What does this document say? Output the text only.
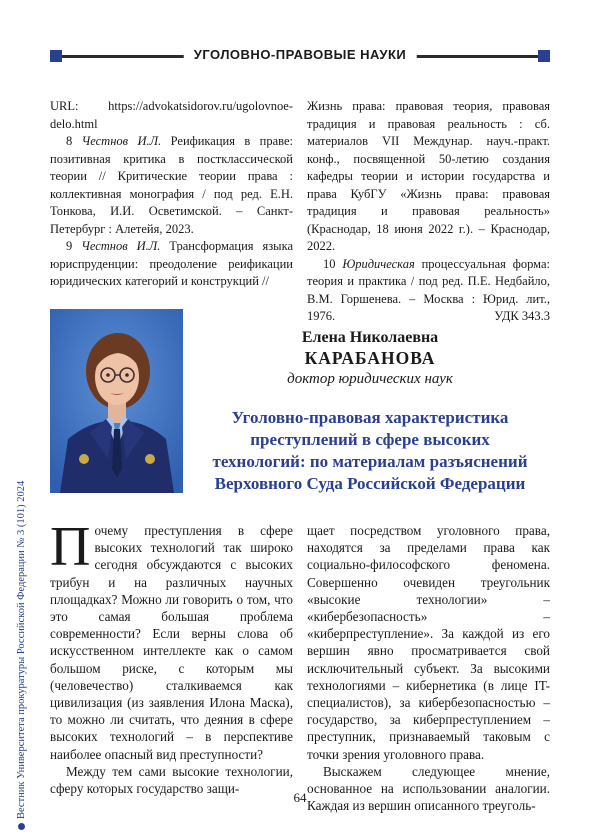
УГОЛОВНО-ПРАВОВЫЕ НАУКИ

URL: https://advokatsidorov.ru/ugolovnoe-delo.html

8 Честнов И.Л. Реификация в праве: позитивная критика в постклассической теории // Критические теории права : коллективная монография / под ред. Е.Н. Тонкова, И.И. Осветимской. – Санкт-Петербург : Алетейя, 2023.

9 Честнов И.Л. Трансформация языка юриспруденции: преодоление реификации юридических категорий и конструкций //

Жизнь права: правовая теория, правовая традиция и правовая реальность : сб. материалов VII Междунар. науч.-практ. конф., посвященной 50-летию создания кафедры теории и истории государства и права КубГУ «Жизнь права: правовая традиция и правовая реальность» (Краснодар, 18 июня 2022 г.). – Краснодар, 2022.

10 Юридическая процессуальная форма: теория и практика / под ред. П.Е. Недбайло, В.М. Горшенева. – Москва : Юрид. лит., 1976.	УДК 343.3
Елена Николаевна
КАРАБАНОВА
доктор юридических наук
Уголовно-правовая характеристика
преступлений в сфере высоких
технологий: по материалам разъяснений
Верховного Суда Российской Федерации
Вестник Университета прокуратуры Российской Федерации № 3 (101) 2024 Почему преступления в сфере высоких технологий так широко сегодня обсуждаются с высоких трибун и на различных научных площадках? Можно ли говорить о том, что это самая большая проблема современности? Если верны слова об искусственном интеллекте как о самом большом риске, с которым мы (человечество) сталкиваемся как цивилизация (из заявления Илона Маска), то можно ли считать, что деяния в сфере высоких технологий – в перспективе наиболее опасный вид преступности?

Между тем сами высокие технологии, сферу которых государство защи-

щает посредством уголовного права, находятся за пределами права как социально-философского феномена. Совершенно очевиден треугольник «высокие технологии» – «кибербезопасность» – «киберпреступление». За каждой из его вершин явно просматривается свой исключительный субъект. За высокими технологиями – кибернетика (в лице IT-специалистов), за кибербезопасностью – государство, за киберпреступлением – преступник, признаваемый таковым с точки зрения уголовного права.

Выскажем следующее мнение, основанное на использовании аналогии. Каждая из вершин описанного треуголь-

64
